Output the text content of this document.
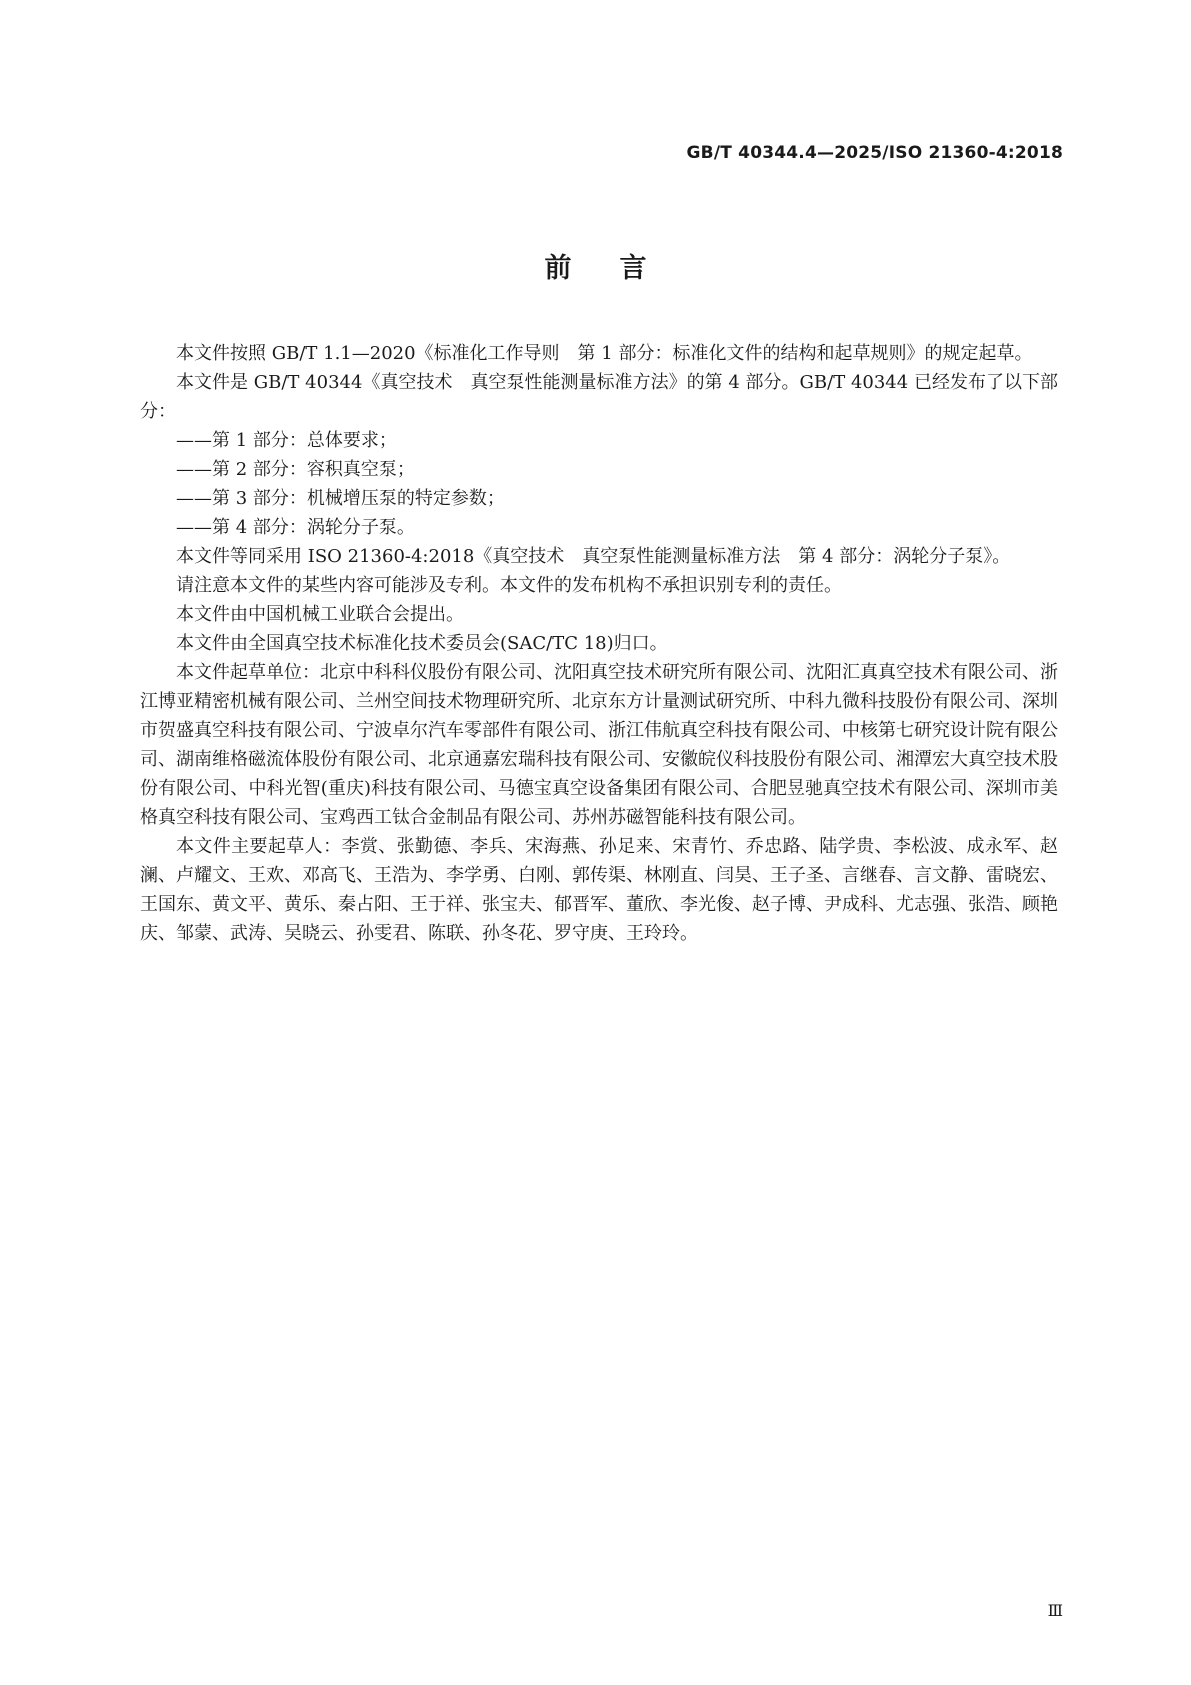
GB/T 40344.4—2025/ISO 21360-4:2018
前言

本文件按照 GB/T 1.1—2020《标准化工作导则　第 1 部分：标准化文件的结构和起草规则》的规定起草。

本文件是 GB/T 40344《真空技术　真空泵性能测量标准方法》的第 4 部分。GB/T 40344 已经发布了以下部分：

——第 1 部分：总体要求；

——第 2 部分：容积真空泵；

——第 3 部分：机械增压泵的特定参数；

——第 4 部分：涡轮分子泵。

本文件等同采用 ISO 21360-4:2018《真空技术　真空泵性能测量标准方法　第 4 部分：涡轮分子泵》。

请注意本文件的某些内容可能涉及专利。本文件的发布机构不承担识别专利的责任。

本文件由中国机械工业联合会提出。

本文件由全国真空技术标准化技术委员会(SAC/TC 18)归口。

本文件起草单位：北京中科科仪股份有限公司、沈阳真空技术研究所有限公司、沈阳汇真真空技术有限公司、浙江博亚精密机械有限公司、兰州空间技术物理研究所、北京东方计量测试研究所、中科九微科技股份有限公司、深圳市贺盛真空科技有限公司、宁波卓尔汽车零部件有限公司、浙江伟航真空科技有限公司、中核第七研究设计院有限公司、湖南维格磁流体股份有限公司、北京通嘉宏瑞科技有限公司、安徽皖仪科技股份有限公司、湘潭宏大真空技术股份有限公司、中科光智(重庆)科技有限公司、马德宝真空设备集团有限公司、合肥昱驰真空技术有限公司、深圳市美格真空科技有限公司、宝鸡西工钛合金制品有限公司、苏州苏磁智能科技有限公司。

本文件主要起草人：李赏、张勤德、李兵、宋海燕、孙足来、宋青竹、乔忠路、陆学贵、李松波、成永军、赵澜、卢耀文、王欢、邓高飞、王浩为、李学勇、白刚、郭传渠、林刚直、闫昊、王子圣、言继春、言文静、雷晓宏、王国东、黄文平、黄乐、秦占阳、王于祥、张宝夫、郁晋军、董欣、李光俊、赵子博、尹成科、尤志强、张浩、顾艳庆、邹蒙、武涛、吴晓云、孙雯君、陈联、孙冬花、罗守庚、王玲玲。

Ⅲ
